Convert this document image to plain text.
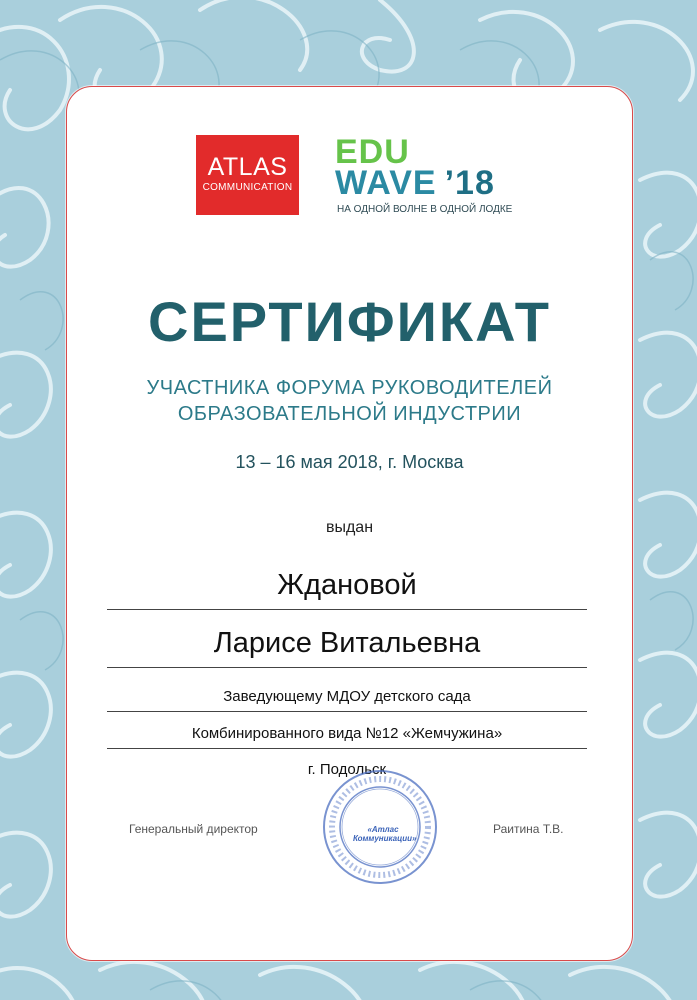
ATLAS
COMMUNICATION
EDU
WAVE ’18
НА ОДНОЙ ВОЛНЕ В ОДНОЙ ЛОДКЕ
СЕРТИФИКАТ
УЧАСТНИКА ФОРУМА РУКОВОДИТЕЛЕЙ
ОБРАЗОВАТЕЛЬНОЙ ИНДУСТРИИ
13 – 16 мая 2018, г. Москва
выдан
Ждановой
Ларисе Витальевна
Заведующему МДОУ детского сада
Комбинированного вида №12 «Жемчужина»
г. Подольск
«Атлас Коммуникации»
Генеральный директор	Раитина Т.В.
